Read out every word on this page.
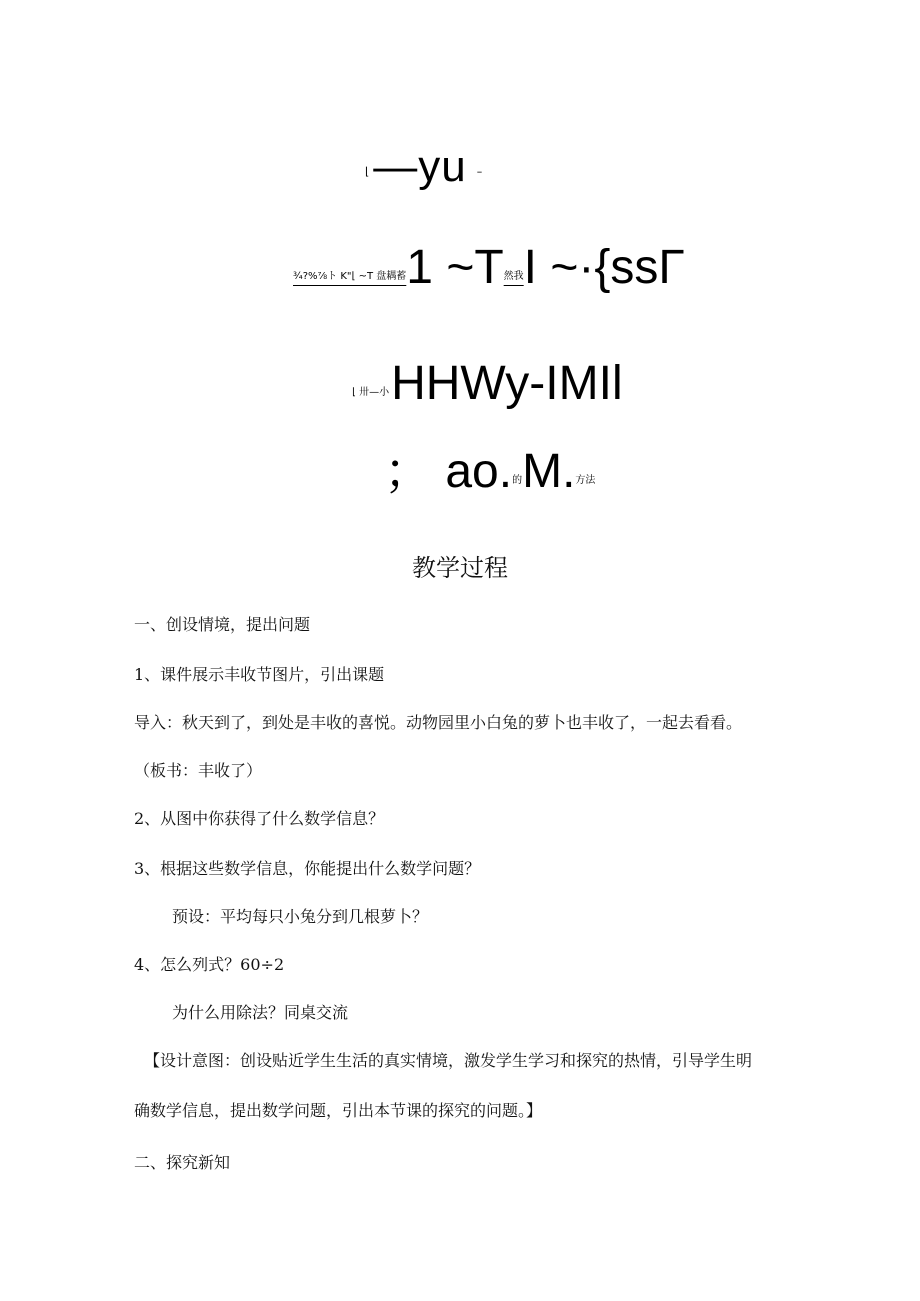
⌊—yu –
$^{\frac{3}{4}?\%\frac{7}{8}ト K"⌊ \sim T 盘耦蓄}$1 $\sim T^{然我}I$ ~·{ssΓ
$^{⌊ 卅—小}$HHWy-IMIl
； ao.$^的$M.$^{方法}$
教学过程
一、创设情境，提出问题
1、课件展示丰收节图片，引出课题
导入：秋天到了，到处是丰收的喜悦。动物园里小白兔的萝卜也丰收了，一起去看看。
（板书：丰收了）
2、从图中你获得了什么数学信息？
3、根据这些数学信息，你能提出什么数学问题？
预设：平均每只小兔分到几根萝卜？
4、怎么列式？60÷2
为什么用除法？同桌交流
【设计意图：创设贴近学生生活的真实情境，激发学生学习和探究的热情，引导学生明
确数学信息，提出数学问题，引出本节课的探究的问题。】
二、探究新知
